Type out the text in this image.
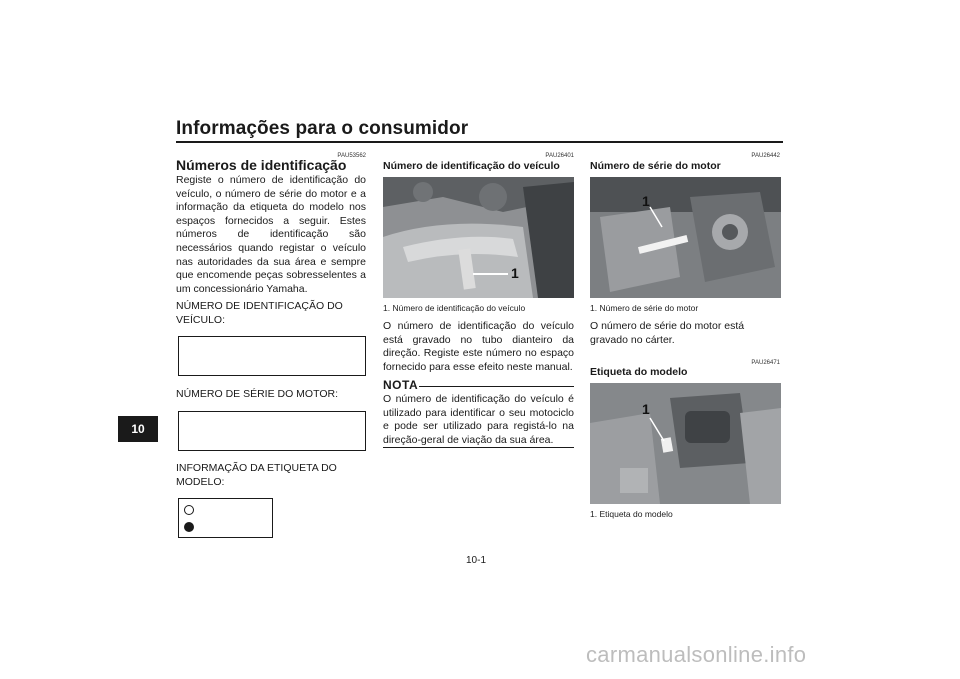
Informações para o consumidor
10
PAU53562
Números de identificação
Registe o número de identificação do veículo, o número de série do motor e a informação da etiqueta do modelo nos espaços fornecidos a seguir. Estes números de identificação são necessários quando registar o veículo nas autoridades da sua área e sempre que encomende peças sobresselentes a um concessionário Yamaha.
NÚMERO DE IDENTIFICAÇÃO DO VEÍCULO:
NÚMERO DE SÉRIE DO MOTOR:
INFORMAÇÃO DA ETIQUETA DO MODELO:
PAU26401
Número de identificação do veículo
1
1. Número de identificação do veículo
O número de identificação do veículo está gravado no tubo dianteiro da direção. Registe este número no espaço fornecido para esse efeito neste manual.
NOTA
O número de identificação do veículo é utilizado para identificar o seu motociclo e pode ser utilizado para registá-lo na direção-geral de viação da sua área.
PAU26442
Número de série do motor
1
1. Número de série do motor
O número de série do motor está gravado no cárter.
PAU26471
Etiqueta do modelo
1
1. Etiqueta do modelo
10-1
carmanualsonline.info
